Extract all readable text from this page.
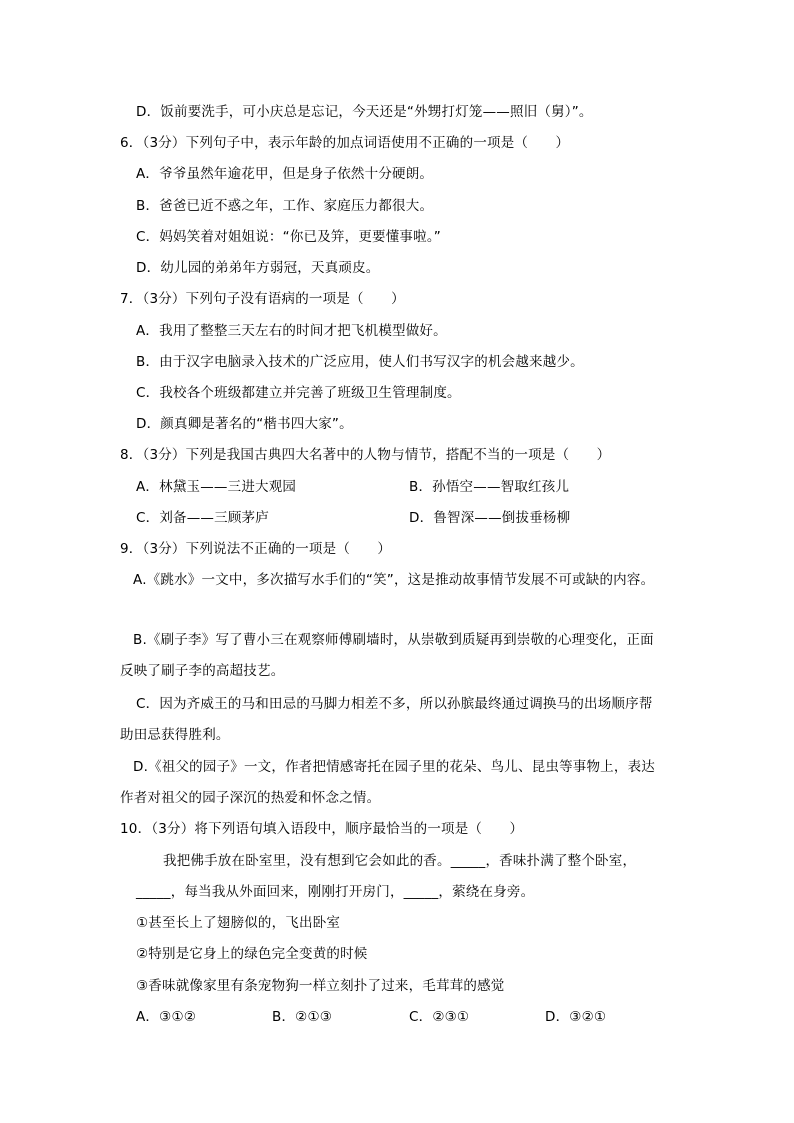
D．饭前要洗手，可小庆总是忘记，今天还是“外甥打灯笼——照旧（舅）”。
6．（3分）下列句子中，表示年龄的加点词语使用不正确的一项是（　　）
A．爷爷虽然年逾花甲，但是身子依然十分硬朗。
B．爸爸已近不惑之年，工作、家庭压力都很大。
C．妈妈笑着对姐姐说：“你已及笄，更要懂事啦。”
D．幼儿园的弟弟年方弱冠，天真顽皮。
7．（3分）下列句子没有语病的一项是（　　）
A．我用了整整三天左右的时间才把飞机模型做好。
B．由于汉字电脑录入技术的广泛应用，使人们书写汉字的机会越来越少。
C．我校各个班级都建立并完善了班级卫生管理制度。
D．颜真卿是著名的“楷书四大家”。
8．（3分）下列是我国古典四大名著中的人物与情节，搭配不当的一项是（　　）
A．林黛玉——三进大观园	B．孙悟空——智取红孩儿
C．刘备——三顾茅庐	D．鲁智深——倒拔垂杨柳
9．（3分）下列说法不正确的一项是（　　）
A.《跳水》一文中，多次描写水手们的“笑”，这是推动故事情节发展不可或缺的内容。
B.《刷子李》写了曹小三在观察师傅刷墙时，从崇敬到质疑再到崇敬的心理变化，正面
反映了刷子李的高超技艺。
C．因为齐威王的马和田忌的马脚力相差不多，所以孙膑最终通过调换马的出场顺序帮
助田忌获得胜利。
D.《祖父的园子》一文，作者把情感寄托在园子里的花朵、鸟儿、昆虫等事物上，表达
作者对祖父的园子深沉的热爱和怀念之情。
10．（3分）将下列语句填入语段中，顺序最恰当的一项是（　　）
我把佛手放在卧室里，没有想到它会如此的香。_____，香味扑满了整个卧室，
_____，每当我从外面回来，刚刚打开房门，_____，萦绕在身旁。
①甚至长上了翅膀似的，飞出卧室
②特别是它身上的绿色完全变黄的时候
③香味就像家里有条宠物狗一样立刻扑了过来，毛茸茸的感觉
A．③①②	B．②①③	C．②③①	D．③②①
